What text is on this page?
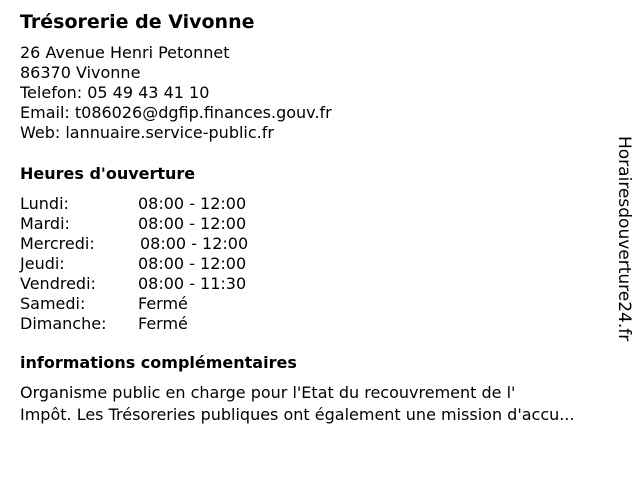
Trésorerie de Vivonne
26 Avenue Henri Petonnet
86370 Vivonne
Telefon: 05 49 43 41 10
Email: t086026@dgfip.finances.gouv.fr
Web: lannuaire.service-public.fr
Heures d'ouverture
Lundi:	08:00 - 12:00
Mardi:	08:00 - 12:00
Mercredi:	08:00 - 12:00
Jeudi:	08:00 - 12:00
Vendredi:	08:00 - 11:30
Samedi:	Fermé
Dimanche: Fermé
informations complémentaires
Organisme public en charge pour l'Etat du recouvrement de l'
Impôt. Les Trésoreries publiques ont également une mission d'accu...
Horairesdouverture24.fr
